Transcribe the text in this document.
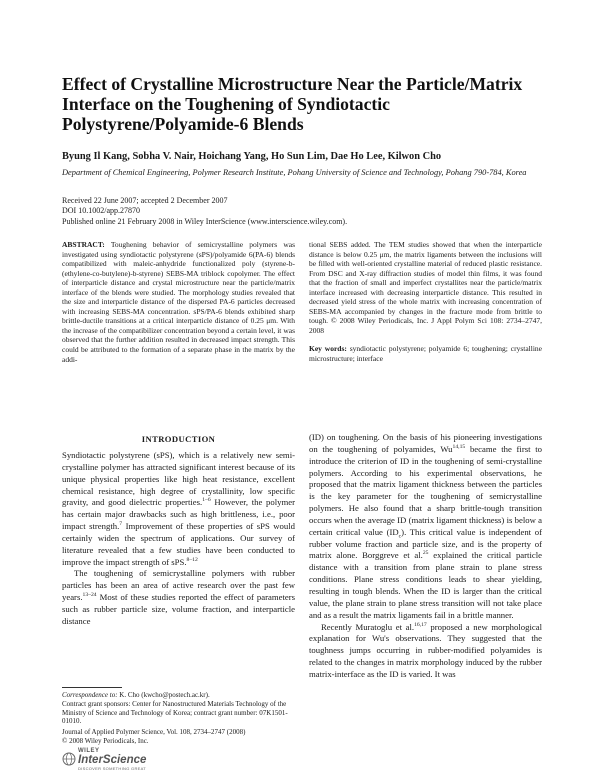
Effect of Crystalline Microstructure Near the Particle/Matrix Interface on the Toughening of Syndiotactic Polystyrene/Polyamide-6 Blends
Byung Il Kang, Sobha V. Nair, Hoichang Yang, Ho Sun Lim, Dae Ho Lee, Kilwon Cho
Department of Chemical Engineering, Polymer Research Institute, Pohang University of Science and Technology, Pohang 790-784, Korea
Received 22 June 2007; accepted 2 December 2007
DOI 10.1002/app.27870
Published online 21 February 2008 in Wiley InterScience (www.interscience.wiley.com).
ABSTRACT: Toughening behavior of semicrystalline polymers was investigated using syndiotactic polystyrene (sPS)/polyamide 6(PA-6) blends compatibilized with maleic-anhydride functionalized poly (styrene-b-(ethylene-co-butylene)-b-styrene) SEBS-MA triblock copolymer. The effect of interparticle distance and crystal microstructure near the particle/matrix interface of the blends were studied. The morphology studies revealed that the size and interparticle distance of the dispersed PA-6 particles decreased with increasing SEBS-MA concentration. sPS/PA-6 blends exhibited sharp brittle-ductile transitions at a critical interparticle distance of 0.25 μm. With the increase of the compatibilizer concentration beyond a certain level, it was observed that the further addition resulted in decreased impact strength. This could be attributed to the formation of a separate phase in the matrix by the addi-
tional SEBS added. The TEM studies showed that when the interparticle distance is below 0.25 μm, the matrix ligaments between the inclusions will be filled with well-oriented crystalline material of reduced plastic resistance. From DSC and X-ray diffraction studies of model thin films, it was found that the fraction of small and imperfect crystallites near the particle/matrix interface increased with decreasing interparticle distance. This resulted in decreased yield stress of the whole matrix with increasing concentration of SEBS-MA accompanied by changes in the fracture mode from brittle to tough. © 2008 Wiley Periodicals, Inc. J Appl Polym Sci 108: 2734–2747, 2008
Key words: syndiotactic polystyrene; polyamide 6; toughening; crystalline microstructure; interface
INTRODUCTION

Syndiotactic polystyrene (sPS), which is a relatively new semi-crystalline polymer has attracted significant interest because of its unique physical properties like high heat resistance, excellent chemical resistance, high degree of crystallinity, low specific gravity, and good dielectric properties.$^{1-6}$ However, the polymer has certain major drawbacks such as high brittleness, i.e., poor impact strength.$^7$ Improvement of these properties of sPS would certainly widen the spectrum of applications. Our survey of literature revealed that a few studies have been conducted to improve the impact strength of sPS.$^{8-12}$

The toughening of semicrystalline polymers with rubber particles has been an area of active research over the past few years.$^{13-24}$ Most of these studies reported the effect of parameters such as rubber particle size, volume fraction, and interparticle distance

(ID) on toughening. On the basis of his pioneering investigations on the toughening of polyamides, Wu$^{14,15}$ became the first to introduce the criterion of ID in the toughening of semi-crystalline polymers. According to his experimental observations, he proposed that the matrix ligament thickness between the particles is the key parameter for the toughening of semicrystalline polymers. He also found that a sharp brittle-tough transition occurs when the average ID (matrix ligament thickness) is below a certain critical value $(ID_c)$. This critical value is independent of rubber volume fraction and particle size, and is the property of matrix alone. Borggreve et al.$^{25}$ explained the critical particle distance with a transition from plane strain to plane stress conditions. Plane stress conditions leads to shear yielding, resulting in tough blends. When the ID is larger than the critical value, the plane strain to plane stress transition will not take place and as a result the matrix ligaments fail in a brittle manner.

Recently Muratoglu et al.$^{16,17}$ proposed a new morphological explanation for Wu's observations. They suggested that the toughness jumps occurring in rubber-modified polyamides is related to the changes in matrix morphology induced by the rubber matrix-interface as the ID is varied. It was

Correspondence to: K. Cho (kwcho@postech.ac.kr).
Contract grant sponsors: Center for Nanostructured Materials Technology of the Ministry of Science and Technology of Korea; contract grant number: 07K1501-01010.
Journal of Applied Polymer Science, Vol. 108, 2734–2747 (2008)
© 2008 Wiley Periodicals, Inc.
WILEY
InterScience
DISCOVER SOMETHING GREAT
